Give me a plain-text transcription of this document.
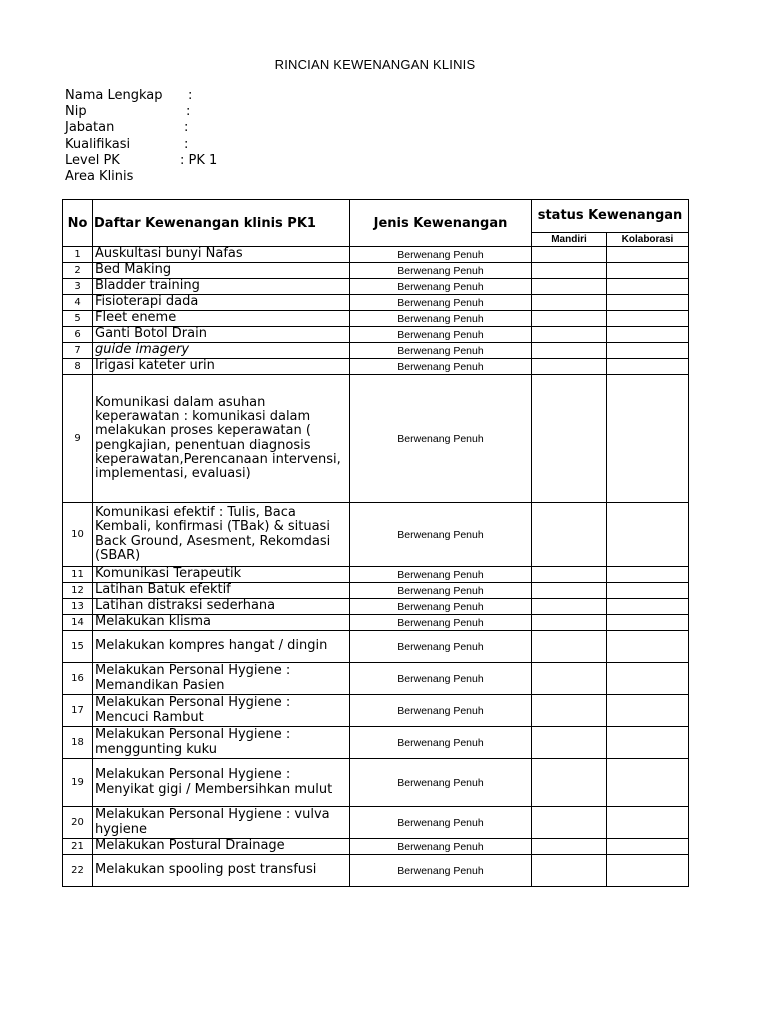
RINCIAN KEWENANGAN KLINIS
Nama Lengkap :
Nip	:
Jabatan	:
Kualifikasi	:
Level PK	: PK 1
Area Klinis
No	Daftar Kewenangan klinis PK1	Jenis Kewenangan	status Kewenangan	
			Mandiri	Kolaborasi
1	Auskultasi bunyi Nafas	Berwenang Penuh		
2	Bed Making	Berwenang Penuh		
3	Bladder training	Berwenang Penuh		
4	Fisioterapi dada	Berwenang Penuh		
5	Fleet eneme	Berwenang Penuh		
6	Ganti Botol Drain	Berwenang Penuh		
7	guide imagery	Berwenang Penuh		
8	Irigasi kateter urin	Berwenang Penuh		
9	Komunikasi dalam asuhan keperawatan : komunikasi dalam melakukan proses keperawatan ( pengkajian, penentuan diagnosis keperawatan,Perencanaan intervensi, implementasi, evaluasi)	Berwenang Penuh		
10	Komunikasi efektif : Tulis, Baca Kembali, konfirmasi (TBak) & situasi Back Ground, Asesment, Rekomdasi (SBAR)	Berwenang Penuh		
11	Komunikasi Terapeutik	Berwenang Penuh		
12	Latihan Batuk efektif	Berwenang Penuh		
13	Latihan distraksi sederhana	Berwenang Penuh		
14	Melakukan klisma	Berwenang Penuh		
15	Melakukan kompres hangat / dingin	Berwenang Penuh		
16	Melakukan Personal Hygiene : Memandikan Pasien	Berwenang Penuh		
17	Melakukan Personal Hygiene : Mencuci Rambut	Berwenang Penuh		
18	Melakukan Personal Hygiene : menggunting kuku	Berwenang Penuh		
19	Melakukan Personal Hygiene : Menyikat gigi / Membersihkan mulut	Berwenang Penuh		
20	Melakukan Personal Hygiene : vulva hygiene	Berwenang Penuh		
21	Melakukan Postural Drainage	Berwenang Penuh		
22	Melakukan spooling post transfusi	Berwenang Penuh		
